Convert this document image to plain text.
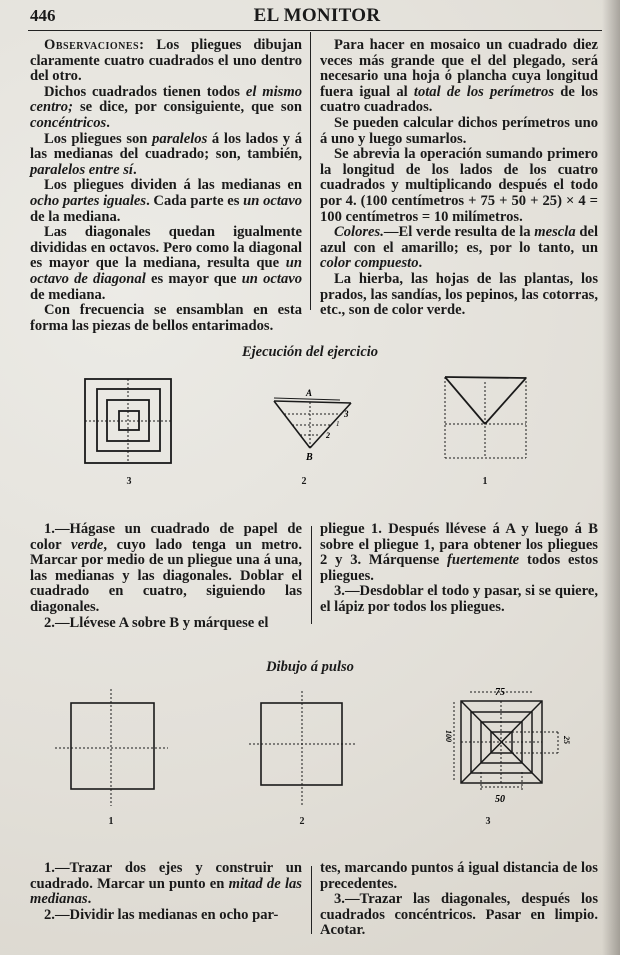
446	EL MONITOR

Observaciones: Los pliegues dibujan claramente cuatro cuadrados el uno dentro del otro.

Dichos cuadrados tienen todos el mismo centro; se dice, por consiguiente, que son concéntricos.

Los pliegues son paralelos á los lados y á las medianas del cuadrado; son, también, paralelos entre sí.

Los pliegues dividen á las medianas en ocho partes iguales. Cada parte es un octavo de la mediana.

Las diagonales quedan igualmente divididas en octavos. Pero como la diagonal es mayor que la mediana, resulta que un octavo de diagonal es mayor que un octavo de mediana.

Con frecuencia se ensamblan en esta forma las piezas de bellos entarimados.

Para hacer en mosaico un cuadrado diez veces más grande que el del plegado, será necesario una hoja ó plancha cuya longitud fuera igual al total de los perímetros de los cuatro cuadrados.

Se pueden calcular dichos perímetros uno á uno y luego sumarlos.

Se abrevia la operación sumando primero la longitud de los lados de los cuatro cuadrados y multiplicando después el todo por 4. (100 centímetros + 75 + 50 + 25) × 4 = 100 centímetros = 10 milímetros.

Colores.—El verde resulta de la mescla del azul con el amarillo; es, por lo tanto, un color compuesto.

La hierba, las hojas de las plantas, los prados, las sandías, los pepinos, las cotorras, etc., son de color verde.

Ejecución del ejercicio
3
A
B
3
1
2
2	1

1.—Hágase un cuadrado de papel de color verde, cuyo lado tenga un metro. Marcar por medio de un pliegue una á una, las medianas y las diagonales. Doblar el cuadrado en cuatro, siguiendo las diagonales.

2.—Llévese A sobre B y márquese el

pliegue 1. Después llévese á A y luego á B sobre el pliegue 1, para obtener los pliegues 2 y 3. Márquense fuertemente todos estos pliegues.

3.—Desdoblar el todo y pasar, si se quiere, el lápiz por todos los pliegues.

Dibujo á pulso
1	2
75
50
100	25
3

1.—Trazar dos ejes y construir un cuadrado. Marcar un punto en mitad de las medianas.

2.—Dividir las medianas en ocho par-

tes, marcando puntos á igual distancia de los precedentes.

3.—Trazar las diagonales, después los cuadrados concéntricos. Pasar en limpio. Acotar.
